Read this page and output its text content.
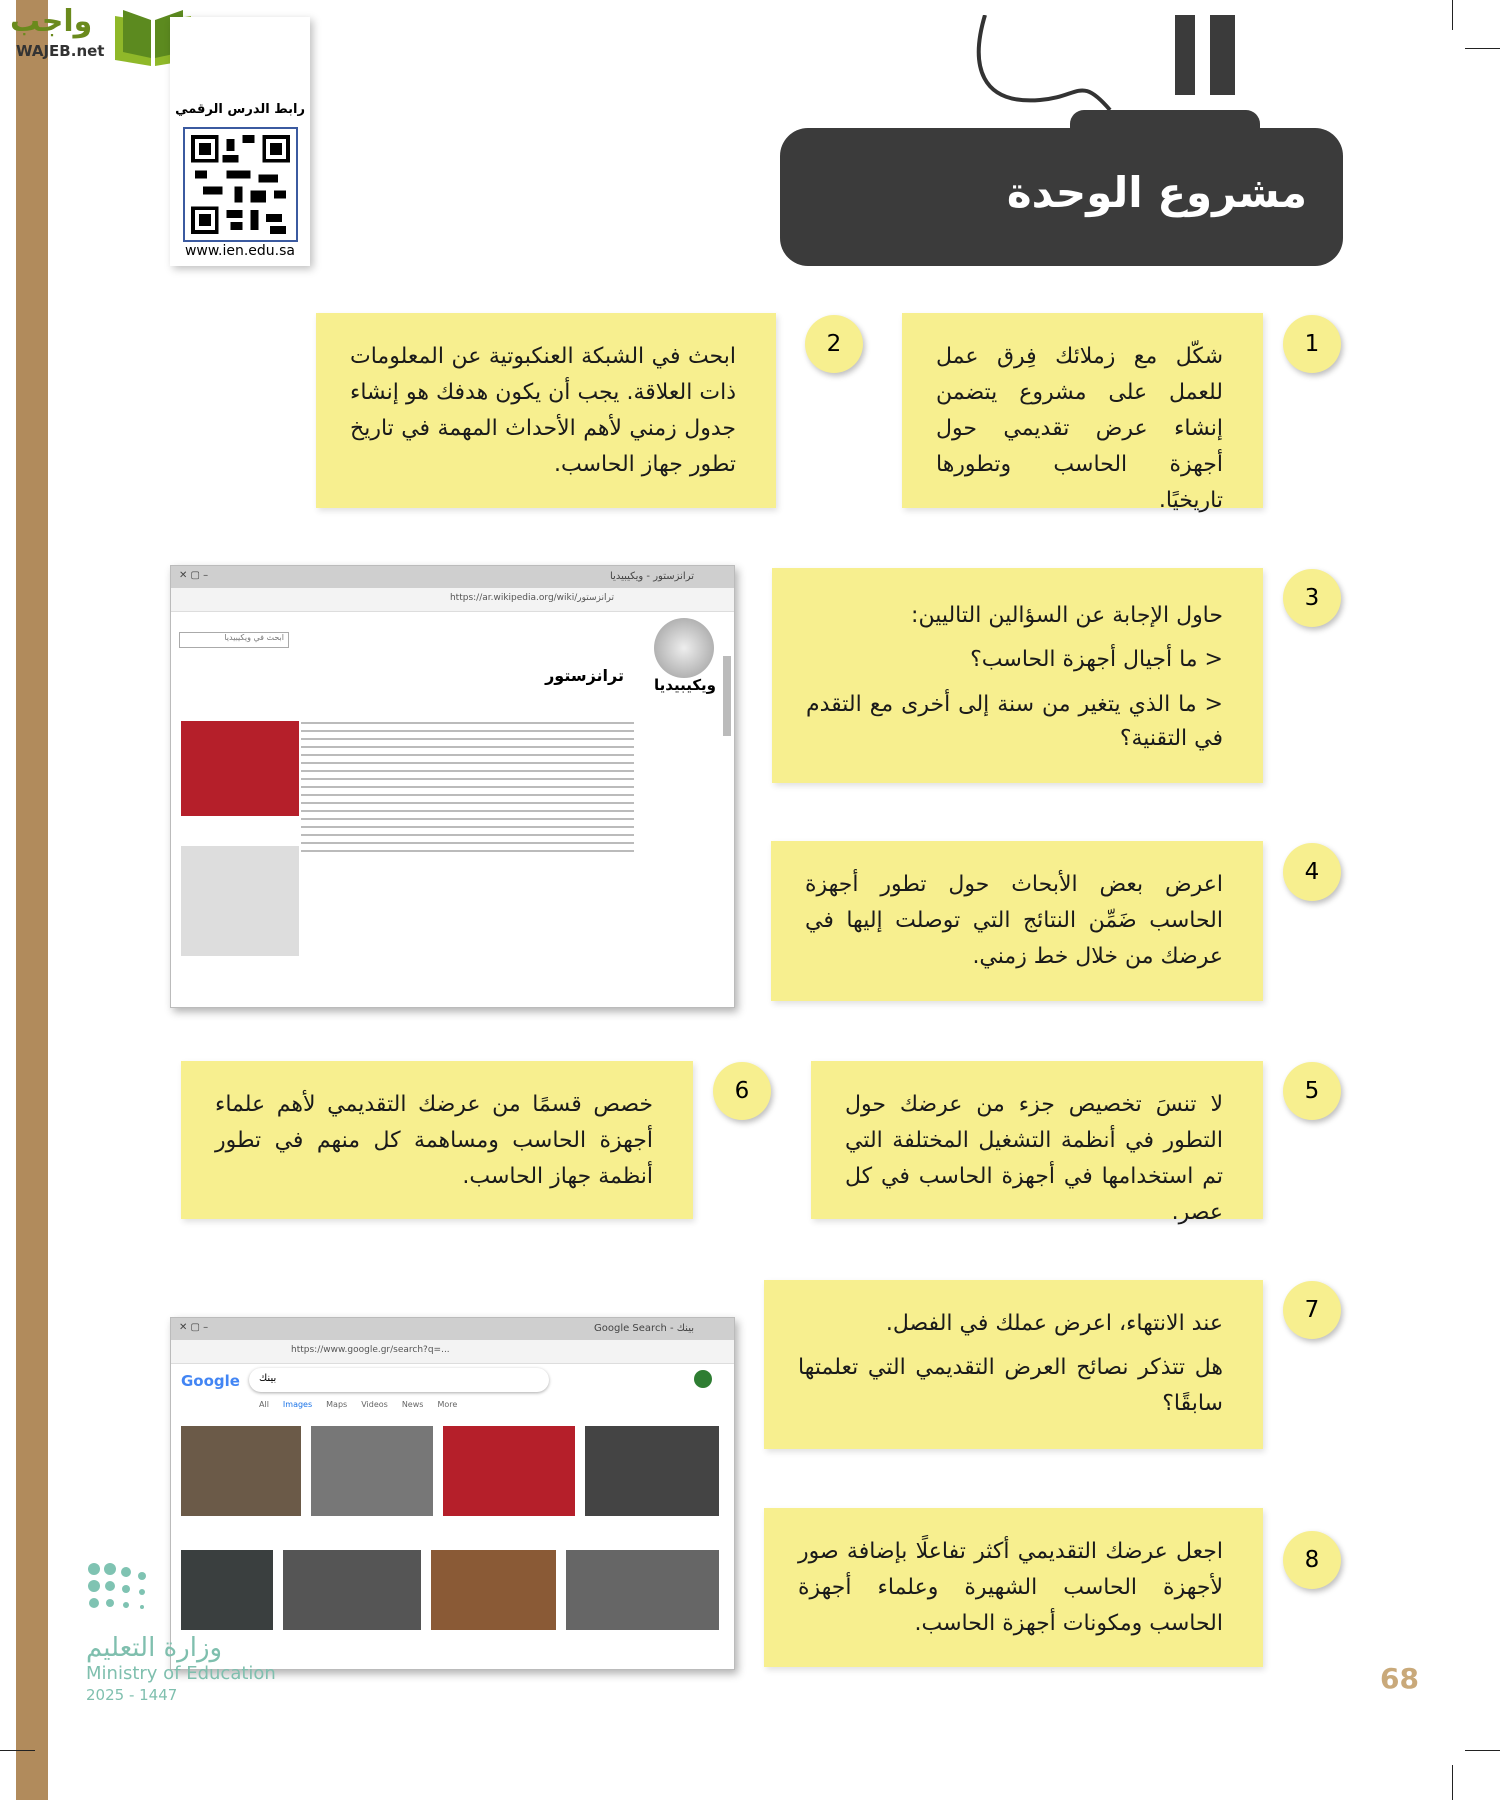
واجب
WAJEB.net
رابط الدرس الرقمي
www.ien.edu.sa
مشروع الوحدة
شكّل مع زملائك فِرق عمل للعمل على مشروع يتضمن إنشاء عرض تقديمي حول أجهزة الحاسب وتطورها تاريخيًا.
1
ابحث في الشبكة العنكبوتية عن المعلومات ذات العلاقة. يجب أن يكون هدفك هو إنشاء جدول زمني لأهم الأحداث المهمة في تاريخ تطور جهاز الحاسب.
2
حاول الإجابة عن السؤالين التاليين:
< ما أجيال أجهزة الحاسب؟
< ما الذي يتغير من سنة إلى أخرى مع التقدم في التقنية؟
3
اعرض بعض الأبحاث حول تطور أجهزة الحاسب ضَمِّن النتائج التي توصلت إليها في عرضك من خلال خط زمني.
4
لا تنسَ تخصيص جزء من عرضك حول التطور في أنظمة التشغيل المختلفة التي تم استخدامها في أجهزة الحاسب في كل عصر.
5
خصص قسمًا من عرضك التقديمي لأهم علماء أجهزة الحاسب ومساهمة كل منهم في تطور أنظمة جهاز الحاسب.
6
عند الانتهاء، اعرض عملك في الفصل.
هل تتذكر نصائح العرض التقديمي التي تعلمتها سابقًا؟
7
اجعل عرضك التقديمي أكثر تفاعلًا بإضافة صور لأجهزة الحاسب الشهيرة وعلماء أجهزة الحاسب ومكونات أجهزة الحاسب.
8
ترانزستور - ويكيبيديا
✕ ▢ –
https://ar.wikipedia.org/wiki/ترانزستور
ابحث في ويكيبيديا
ويكيبيديا
ترانزستور
Google Search - بينك
✕ ▢ –
https://www.google.gr/search?q=...
Google	بينك
All Images Maps Videos News More
وزارة التعليم
Ministry of Education
2025 - 1447	68
